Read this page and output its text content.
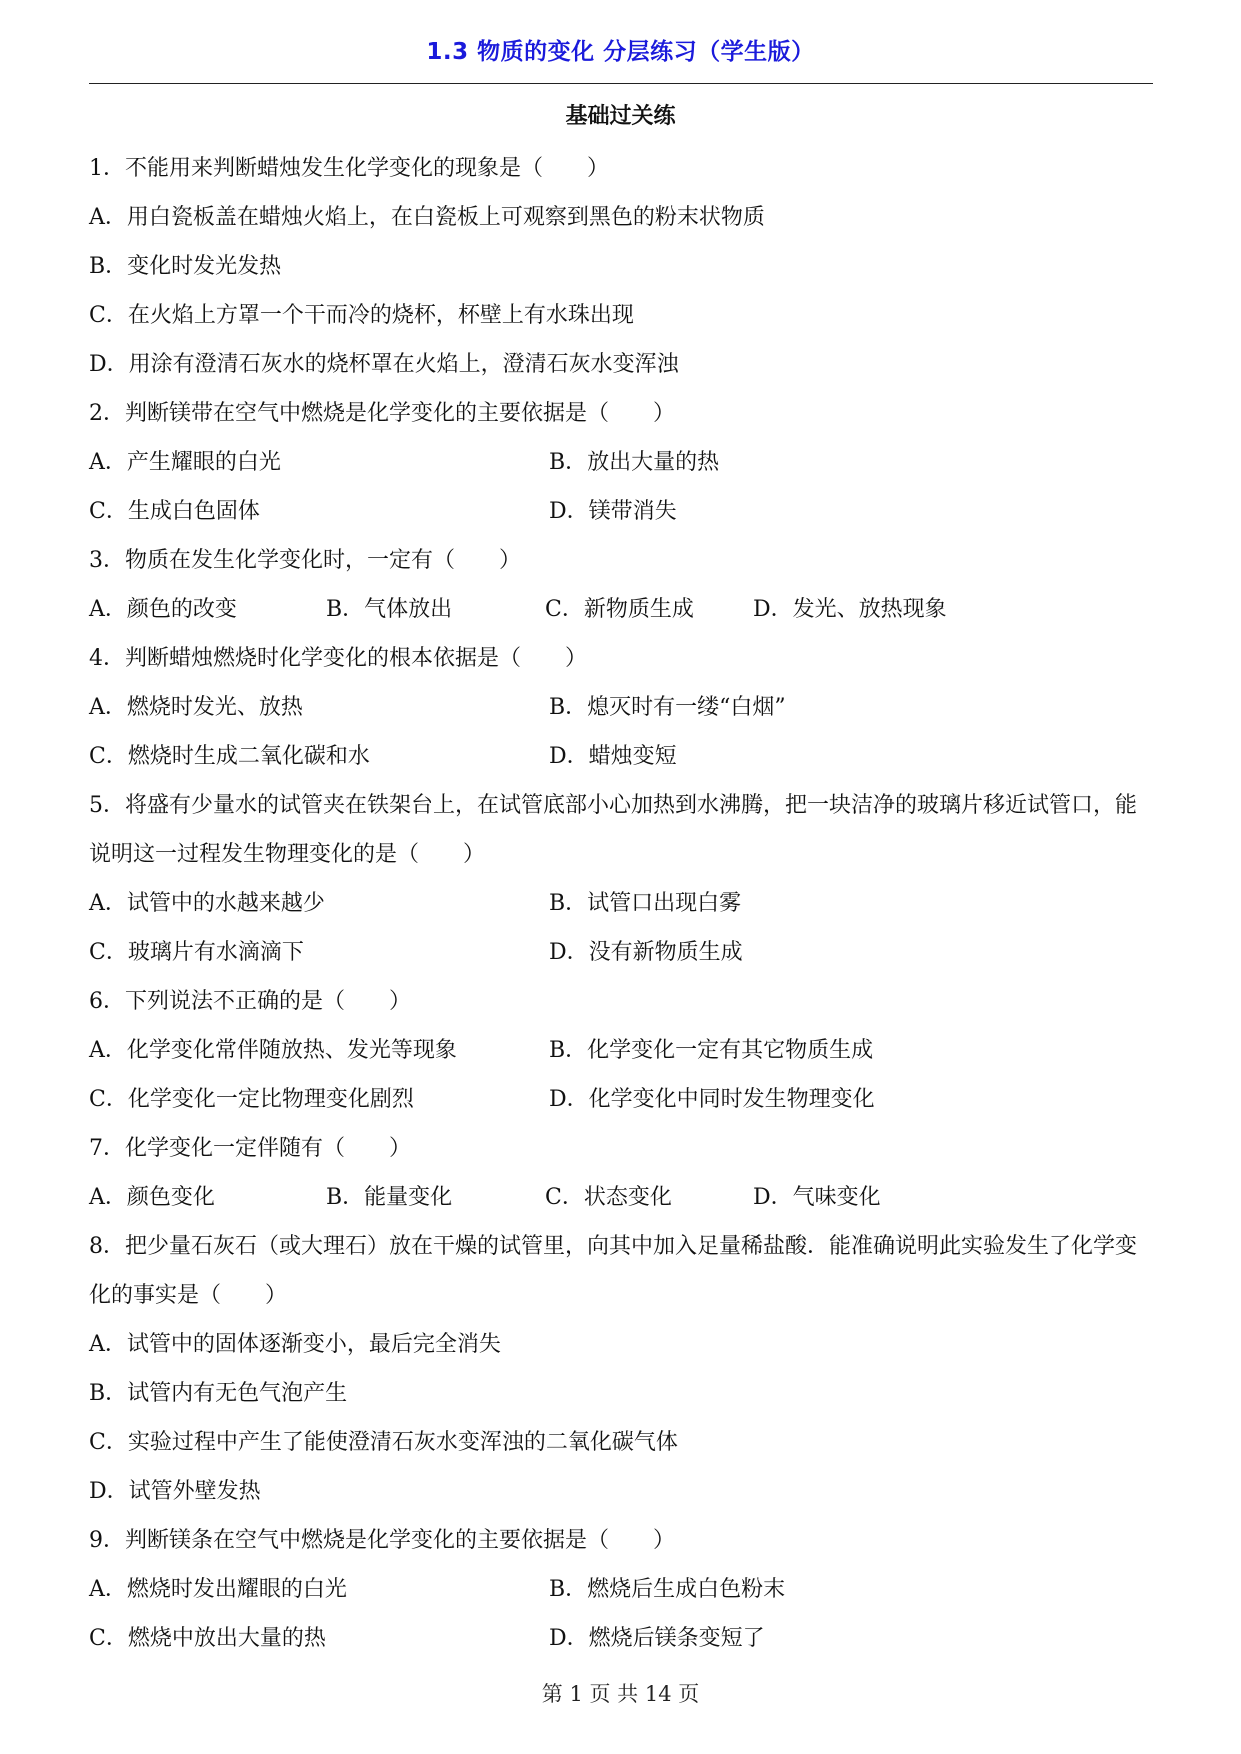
1.3 物质的变化 分层练习（学生版）
基础过关练
1．不能用来判断蜡烛发生化学变化的现象是（　　）
A．用白瓷板盖在蜡烛火焰上，在白瓷板上可观察到黑色的粉末状物质
B．变化时发光发热
C．在火焰上方罩一个干而冷的烧杯，杯壁上有水珠出现
D．用涂有澄清石灰水的烧杯罩在火焰上，澄清石灰水变浑浊
2．判断镁带在空气中燃烧是化学变化的主要依据是（　　）
A．产生耀眼的白光	B．放出大量的热
C．生成白色固体	D．镁带消失
3．物质在发生化学变化时，一定有（　　）
A．颜色的改变	B．气体放出	C．新物质生成	D．发光、放热现象
4．判断蜡烛燃烧时化学变化的根本依据是（　　）
A．燃烧时发光、放热	B．熄灭时有一缕“白烟”
C．燃烧时生成二氧化碳和水	D．蜡烛变短
5．将盛有少量水的试管夹在铁架台上，在试管底部小心加热到水沸腾，把一块洁净的玻璃片移近试管口，能说明这一过程发生物理变化的是（　　）
A．试管中的水越来越少	B．试管口出现白雾
C．玻璃片有水滴滴下	D．没有新物质生成
6．下列说法不正确的是（　　）
A．化学变化常伴随放热、发光等现象	B．化学变化一定有其它物质生成
C．化学变化一定比物理变化剧烈	D．化学变化中同时发生物理变化
7．化学变化一定伴随有（　　）
A．颜色变化	B．能量变化	C．状态变化	D．气味变化
8．把少量石灰石（或大理石）放在干燥的试管里，向其中加入足量稀盐酸．能准确说明此实验发生了化学变化的事实是（　　）
A．试管中的固体逐渐变小，最后完全消失
B．试管内有无色气泡产生
C．实验过程中产生了能使澄清石灰水变浑浊的二氧化碳气体
D．试管外壁发热
9．判断镁条在空气中燃烧是化学变化的主要依据是（　　）
A．燃烧时发出耀眼的白光	B．燃烧后生成白色粉末
C．燃烧中放出大量的热	D．燃烧后镁条变短了
第 1 页 共 14 页
